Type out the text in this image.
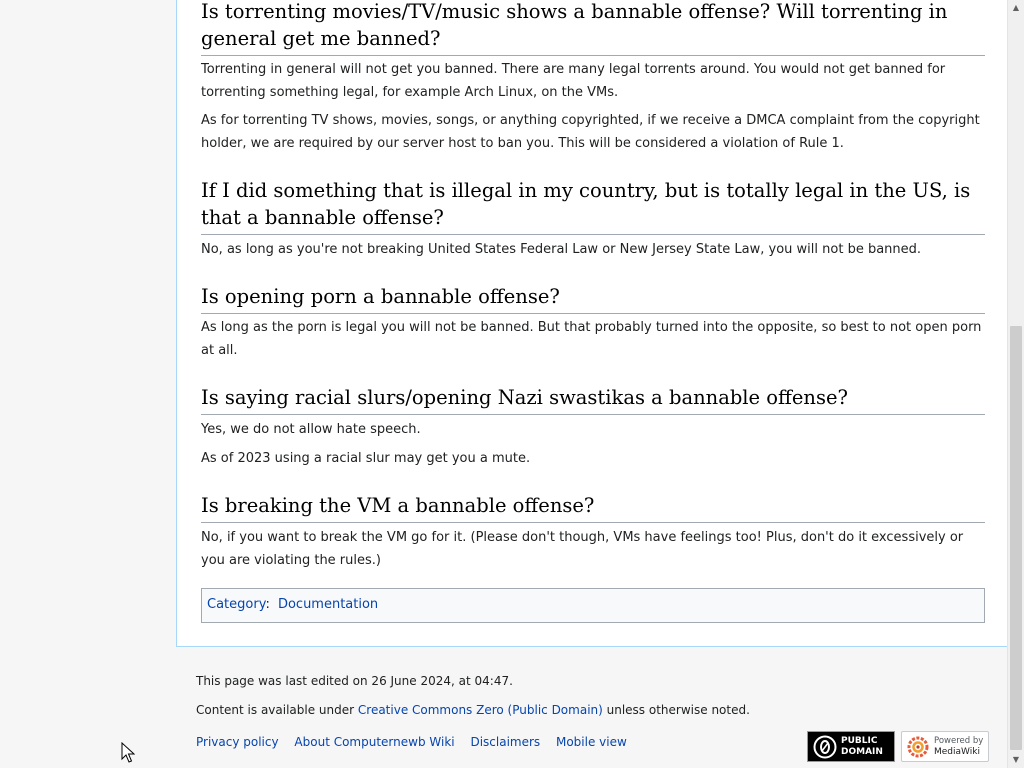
Is torrenting movies/TV/music shows a bannable offense? Will torrenting in general get me banned?

Torrenting in general will not get you banned. There are many legal torrents around. You would not get banned for torrenting something legal, for example Arch Linux, on the VMs.

As for torrenting TV shows, movies, songs, or anything copyrighted, if we receive a DMCA complaint from the copyright holder, we are required by our server host to ban you. This will be considered a violation of Rule 1.

If I did something that is illegal in my country, but is totally legal in the US, is that a bannable offense?

No, as long as you're not breaking United States Federal Law or New Jersey State Law, you will not be banned.

Is opening porn a bannable offense?

As long as the porn is legal you will not be banned. But that probably turned into the opposite, so best to not open porn at all.

Is saying racial slurs/opening Nazi swastikas a bannable offense?

Yes, we do not allow hate speech.

As of 2023 using a racial slur may get you a mute.

Is breaking the VM a bannable offense?

No, if you want to break the VM go for it. (Please don't though, VMs have feelings too! Plus, don't do it excessively or you are violating the rules.)

Category: Documentation
This page was last edited on 26 June 2024, at 04:47.
Content is available under Creative Commons Zero (Public Domain) unless otherwise noted.
Privacy policy About Computernewb Wiki Disclaimers Mobile view	PUBLIC
DOMAIN
Powered by
MediaWiki
▲
▼
